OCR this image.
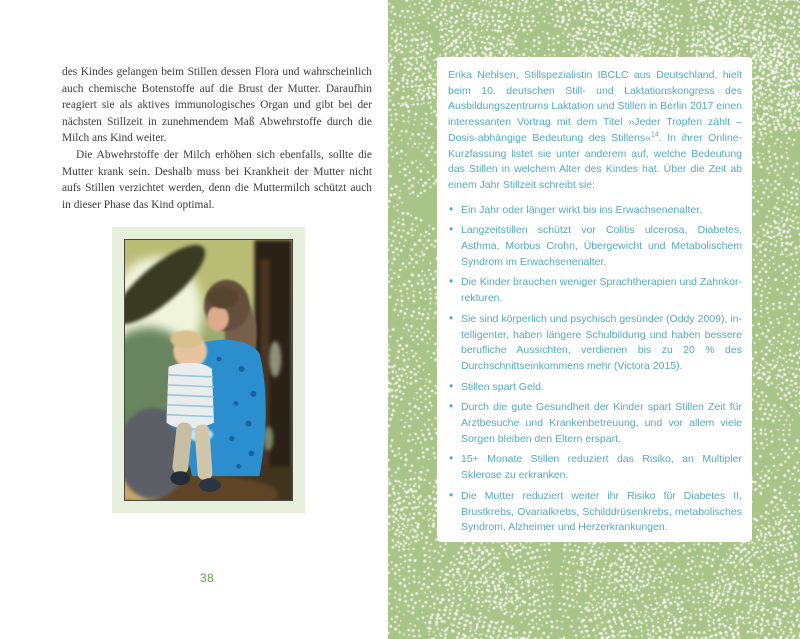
des Kindes gelangen beim Stillen dessen Flora und wahrscheinlich auch chemische Botenstoffe auf die Brust der Mutter. Daraufhin reagiert sie als aktives immunologisches Organ und gibt bei der nächsten Stillzeit in zunehmendem Maß Abwehrstoffe durch die Milch ans Kind weiter.

Die Abwehrstoffe der Milch erhöhen sich ebenfalls, sollte die Mutter krank sein. Deshalb muss bei Krankheit der Mutter nicht aufs Stillen verzichtet werden, denn die Muttermilch schützt auch in dieser Phase das Kind optimal.

38

Erika Nehlsen, Stillspezialistin IBCLC aus Deutschland, hielt beim 10. deutschen Still- und Laktationskongress des Ausbildungszentrums Laktation und Stillen in Berlin 2017 einen interessanten Vortrag mit dem Titel »Jeder Tropfen zählt – Dosis-abhängige Bedeutung des Stillens«$^{14}$. In ihrer Online-Kurzfassung listet sie unter anderem auf, welche Bedeutung das Stillen in welchem Alter des Kindes hat. Über die Zeit ab einem Jahr Stillzeit schreibt sie:

• Ein Jahr oder länger wirkt bis ins Erwachsenenalter.
• Langzeitstillen schützt vor Colitis ulcerosa, Diabetes, Asthma, Morbus Crohn, Übergewicht und Metabolischem Syndrom im Erwachsenenalter.
• Die Kinder brauchen weniger Sprachtherapien und Zahnkorrekturen.
• Sie sind körperlich und psychisch gesünder (Oddy 2009), intelligenter, haben längere Schulbildung und haben bessere berufliche Aussichten, verdienen bis zu 20 % des Durchschnittseinkommens mehr (Victora 2015).
• Stillen spart Geld.
• Durch die gute Gesundheit der Kinder spart Stillen Zeit für Arztbesuche und Krankenbetreuung, und vor allem viele Sorgen bleiben den Eltern erspart.
• 15+ Monate Stillen reduziert das Risiko, an Multipler Sklerose zu erkranken.
• Die Mutter reduziert weiter ihr Risiko für Diabetes II, Brustkrebs, Ovarialkrebs, Schilddrüsenkrebs, metabolisches Syndrom, Alzheimer und Herzerkrankungen.
